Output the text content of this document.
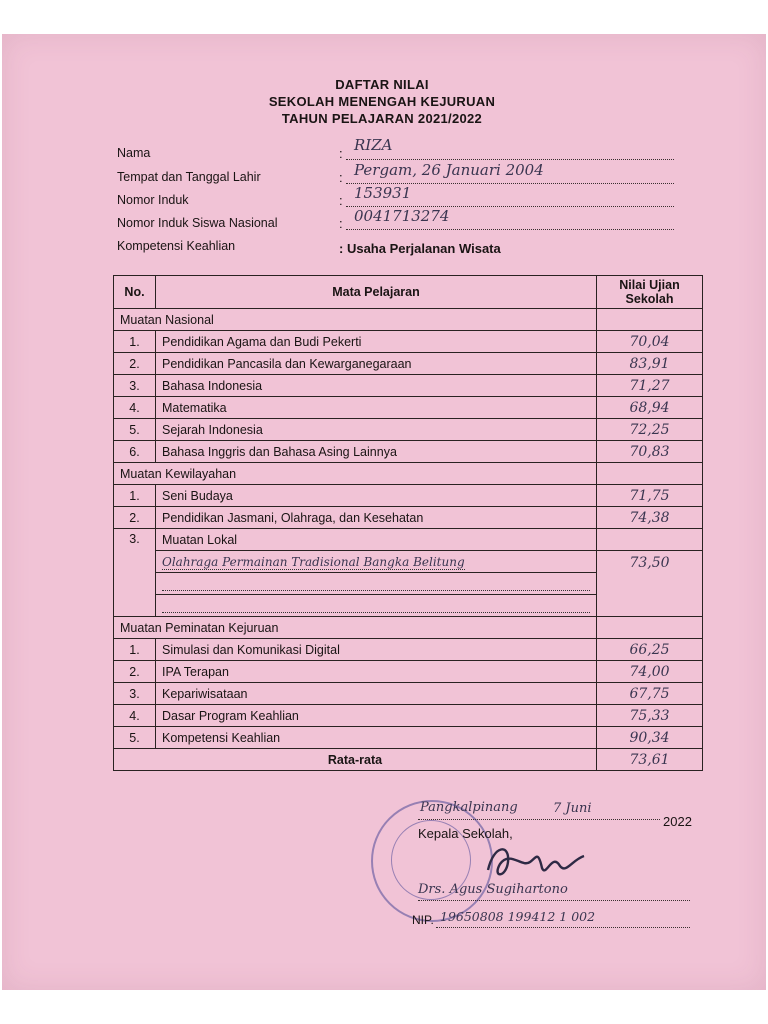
DAFTAR NILAI
SEKOLAH MENENGAH KEJURUAN
TAHUN PELAJARAN 2021/2022
Nama	: RIZA
Tempat dan Tanggal Lahir	: Pergam, 26 Januari 2004
Nomor Induk	: 153931
Nomor Induk Siswa Nasional	: 0041713274
Kompetensi Keahlian	: Usaha Perjalanan Wisata
No.	Mata Pelajaran	Nilai Ujian Sekolah
Muatan Nasional		
1.	Pendidikan Agama dan Budi Pekerti	70,04
2.	Pendidikan Pancasila dan Kewarganegaraan	83,91
3.	Bahasa Indonesia	71,27
4.	Matematika	68,94
5.	Sejarah Indonesia	72,25
6.	Bahasa Inggris dan Bahasa Asing Lainnya	70,83
Muatan Kewilayahan		
1.	Seni Budaya	71,75
2.	Pendidikan Jasmani, Olahraga, dan Kesehatan	74,38
3.	Muatan Lokal	
	Olahraga Permainan Tradisional Bangka Belitung	73,50

Muatan Peminatan Kejuruan		
1.	Simulasi dan Komunikasi Digital	66,25
2.	IPA Terapan	74,00
3.	Kepariwisataan	67,75
4.	Dasar Program Keahlian	75,33
5.	Kompetensi Keahlian	90,34
Rata-rata		73,61
Pangkalpinang	7 Juni
2022
Kepala Sekolah,
Drs. Agus Sugihartono
NIP. 19650808 199412 1 002
